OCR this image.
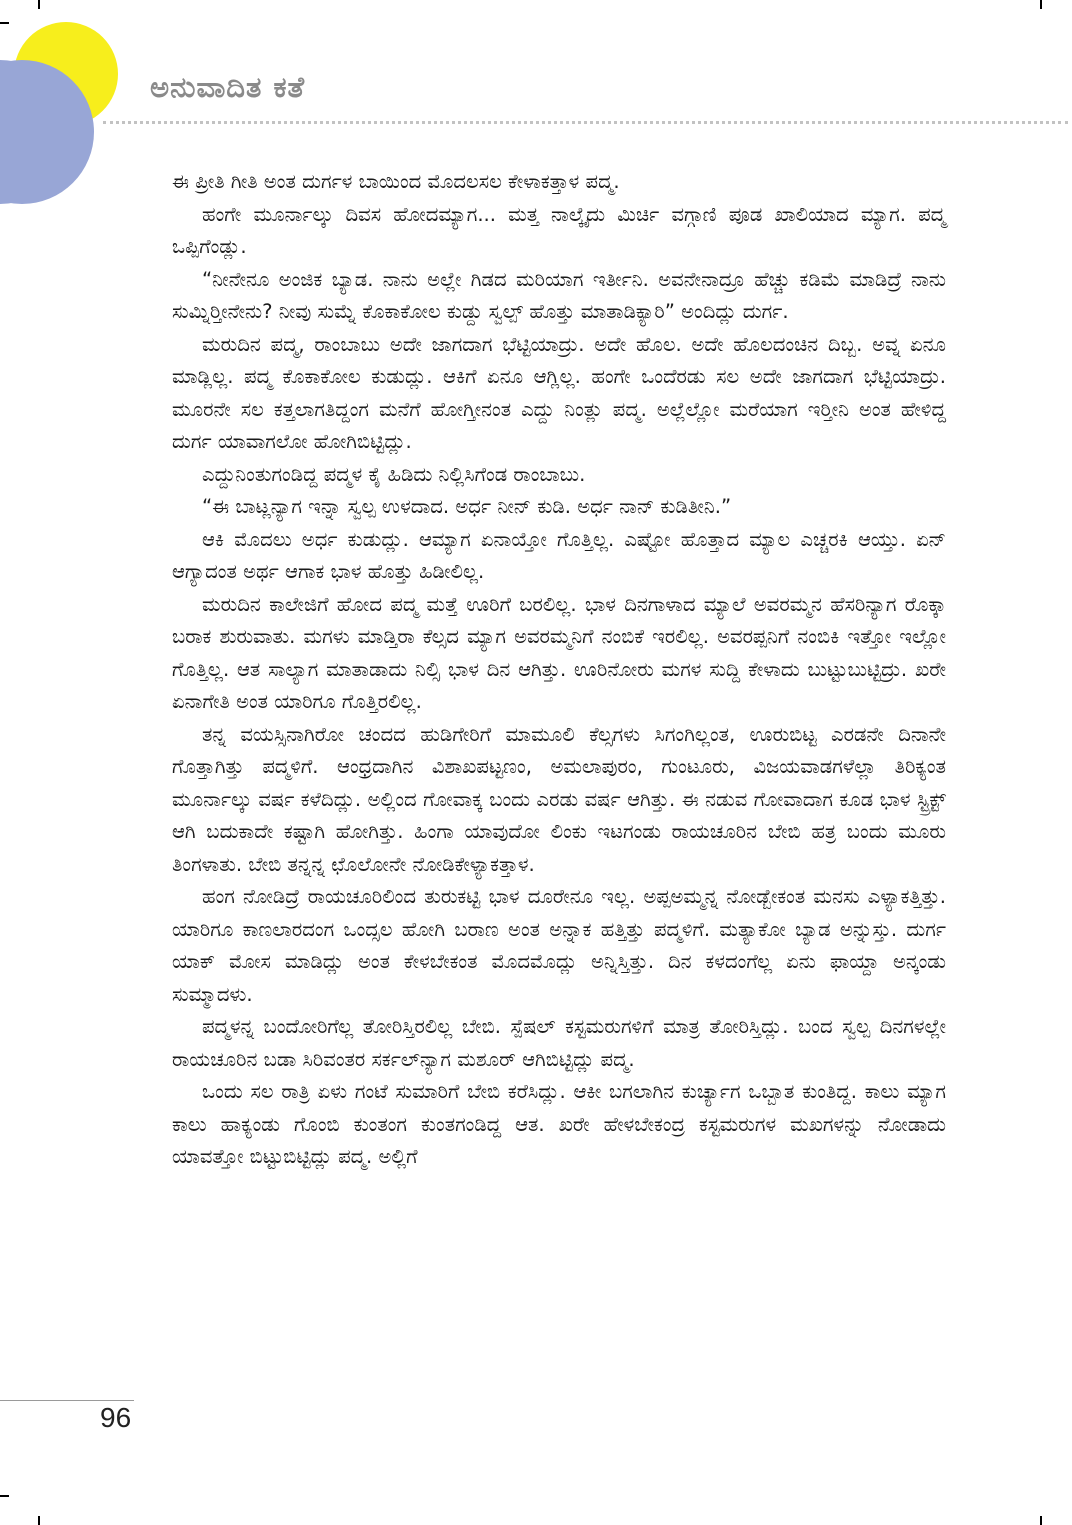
ಅನುವಾದಿತ ಕತೆ

ಈ ಪ್ರೀತಿ ಗೀತಿ ಅಂತ ದುರ್ಗಳ ಬಾಯಿಂದ ಮೊದಲಸಲ ಕೇಳಾಕತ್ತಾಳ ಪದ್ಮ.

ಹಂಗೇ ಮೂರ್ನಾಲ್ಕು ದಿವಸ ಹೋದಮ್ಯಾಗ... ಮತ್ತ ನಾಲ್ಕೈದು ಮಿರ್ಚಿ ವಗ್ಗಾಣಿ ಪೂಡ ಖಾಲಿಯಾದ ಮ್ಯಾಗ. ಪದ್ಮ ಒಪ್ಪಿಗೆಂಡ್ಲು.

“ನೀನೇನೂ ಅಂಜಿಕ ಬ್ಯಾಡ. ನಾನು ಅಲ್ಲೇ ಗಿಡದ ಮರಿಯಾಗ ಇರ್ತೀನಿ. ಅವನೇನಾದ್ರೂ ಹೆಚ್ಚು ಕಡಿಮೆ ಮಾಡಿದ್ರೆ ನಾನು ಸುಮ್ನಿರ್‍ತೀನೇನು? ನೀವು ಸುಮ್ನೆ ಕೊಕಾಕೋಲ ಕುಡ್ದು ಸ್ವಲ್ಪ್ ಹೊತ್ತು ಮಾತಾಡಿಕ್ಯಾರಿ” ಅಂದಿದ್ಲು ದುರ್ಗ.

ಮರುದಿನ ಪದ್ಮ, ರಾಂಬಾಬು ಅದೇ ಜಾಗದಾಗ ಭೆಟ್ಟಿಯಾದ್ರು. ಅದೇ ಹೊಲ. ಅದೇ ಹೊಲದಂಚಿನ ದಿಬ್ಬ. ಅವ್ನ ಏನೂ ಮಾಡ್ಲಿಲ್ಲ. ಪದ್ಮ ಕೊಕಾಕೋಲ ಕುಡುದ್ಲು. ಆಕಿಗೆ ಏನೂ ಆಗ್ಲಿಲ್ಲ. ಹಂಗೇ ಒಂದೆರಡು ಸಲ ಅದೇ ಜಾಗದಾಗ ಭೆಟ್ಟಿಯಾದ್ರು. ಮೂರನೇ ಸಲ ಕತ್ತಲಾಗತಿದ್ದಂಗ ಮನೆಗೆ ಹೋಗ್ತೀನಂತ ಎದ್ದು ನಿಂತ್ಲು ಪದ್ಮ. ಅಲ್ಲೆಲ್ಲೋ ಮರೆಯಾಗ ಇರ್‍ತೀನಿ ಅಂತ ಹೇಳಿದ್ದ ದುರ್ಗ ಯಾವಾಗಲೋ ಹೋಗಿಬಿಟ್ಟಿದ್ಲು.

ಎದ್ದುನಿಂತುಗಂಡಿದ್ದ ಪದ್ಮಳ ಕೈ ಹಿಡಿದು ನಿಲ್ಲಿಸಿಗೆಂಡ ರಾಂಬಾಬು.

“ಈ ಬಾಟ್ಲನ್ಯಾಗ ಇನ್ನಾ ಸ್ವಲ್ಪ ಉಳದಾದ. ಅರ್ಧ ನೀನ್ ಕುಡಿ. ಅರ್ಧ ನಾನ್ ಕುಡಿತೀನಿ.”

ಆಕಿ ಮೊದಲು ಅರ್ಧ ಕುಡುದ್ಲು. ಆಮ್ಯಾಗ ಏನಾಯ್ತೋ ಗೊತ್ತಿಲ್ಲ. ಎಷ್ಟೋ ಹೊತ್ತಾದ ಮ್ಯಾಲ ಎಚ್ಚರಕಿ ಆಯ್ತು. ಏನ್ ಆಗ್ಯಾದಂತ ಅರ್ಥ ಆಗಾಕ ಭಾಳ ಹೊತ್ತು ಹಿಡೀಲಿಲ್ಲ.

ಮರುದಿನ ಕಾಲೇಜಿಗೆ ಹೋದ ಪದ್ಮ ಮತ್ತೆ ಊರಿಗೆ ಬರಲಿಲ್ಲ. ಭಾಳ ದಿನಗಾಳಾದ ಮ್ಯಾಲೆ ಅವರಮ್ಮನ ಹೆಸರಿನ್ಯಾಗ ರೊಕ್ಕಾ ಬರಾಕ ಶುರುವಾತು. ಮಗಳು ಮಾಡ್ತಿರಾ ಕೆಲ್ಸದ ಮ್ಯಾಗ ಅವರಮ್ಮನಿಗೆ ನಂಬಿಕೆ ಇರಲಿಲ್ಲ. ಅವರಪ್ಪನಿಗೆ ನಂಬಿಕಿ ಇತ್ತೋ ಇಲ್ಲೋ ಗೊತ್ತಿಲ್ಲ. ಆತ ಸಾಲ್ಯಾಗ ಮಾತಾಡಾದು ನಿಲ್ಸಿ ಭಾಳ ದಿನ ಆಗಿತ್ತು. ಊರಿನೋರು ಮಗಳ ಸುದ್ದಿ ಕೇಳಾದು ಬುಟ್ಟುಬುಟ್ಟಿದ್ರು. ಖರೇ ಏನಾಗೇತಿ ಅಂತ ಯಾರಿಗೂ ಗೊತ್ತಿರಲಿಲ್ಲ.

ತನ್ನ ವಯಸ್ಸಿನಾಗಿರೋ ಚಂದದ ಹುಡಿಗೇರಿಗೆ ಮಾಮೂಲಿ ಕೆಲ್ಸಗಳು ಸಿಗಂಗಿಲ್ಲಂತ, ಊರುಬಿಟ್ಟ ಎರಡನೇ ದಿನಾನೇ ಗೊತ್ತಾಗಿತ್ತು ಪದ್ಮಳಿಗೆ. ಆಂಧ್ರದಾಗಿನ ವಿಶಾಖಪಟ್ಟಣಂ, ಅಮಲಾಪುರಂ, ಗುಂಟೂರು, ವಿಜಯವಾಡಗಳೆಲ್ಲಾ ತಿರಿಕ್ಯಂತ ಮೂರ್ನಾಲ್ಕು ವರ್ಷ ಕಳೆದಿದ್ಲು. ಅಲ್ಲಿಂದ ಗೋವಾಕ್ಕ ಬಂದು ಎರಡು ವರ್ಷ ಆಗಿತ್ತು. ಈ ನಡುವ ಗೋವಾದಾಗ ಕೂಡ ಭಾಳ ಸ್ಟ್ರಿಕ್ಟ್ ಆಗಿ ಬದುಕಾದೇ ಕಷ್ಟಾಗಿ ಹೋಗಿತ್ತು. ಹಿಂಗಾ ಯಾವುದೋ ಲಿಂಕು ಇಟಗಂಡು ರಾಯಚೂರಿನ ಬೇಬಿ ಹತ್ರ ಬಂದು ಮೂರು ತಿಂಗಳಾತು. ಬೇಬಿ ತನ್ನನ್ನ ಛೊಲೋನೇ ನೋಡಿಕೇಳ್ಯಾಕತ್ತಾಳ.

ಹಂಗ ನೋಡಿದ್ರೆ ರಾಯಚೂರಿಲಿಂದ ತುರುಕಟ್ಟಿ ಭಾಳ ದೂರೇನೂ ಇಲ್ಲ. ಅಪ್ಪಅಮ್ಮನ್ನ ನೋಡ್ಬೇಕಂತ ಮನಸು ಎಳ್ಯಾಕತ್ತಿತ್ತು. ಯಾರಿಗೂ ಕಾಣಲಾರದಂಗ ಒಂದ್ಸಲ ಹೋಗಿ ಬರಾಣ ಅಂತ ಅನ್ನಾಕ ಹತ್ತಿತ್ತು ಪದ್ಮಳಿಗೆ. ಮತ್ಯಾಕೋ ಬ್ಯಾಡ ಅನ್ನುಸ್ತು. ದುರ್ಗ ಯಾಕ್ ಮೋಸ ಮಾಡಿದ್ಲು ಅಂತ ಕೇಳಬೇಕಂತ ಮೊದಮೊದ್ಲು ಅನ್ನಿಸ್ತಿತ್ತು. ದಿನ ಕಳದಂಗೆಲ್ಲ ಏನು ಫಾಯ್ದಾ ಅನ್ಕಂಡು ಸುಮ್ಮಾದಳು.

ಪದ್ಮಳನ್ನ ಬಂದೋರಿಗೆಲ್ಲ ತೋರಿಸ್ತಿರಲಿಲ್ಲ ಬೇಬಿ. ಸ್ಪೆಷಲ್ ಕಸ್ಟಮರುಗಳಿಗೆ ಮಾತ್ರ ತೋರಿಸ್ತಿದ್ಲು. ಬಂದ ಸ್ವಲ್ಪ ದಿನಗಳಲ್ಲೇ ರಾಯಚೂರಿನ ಬಡಾ ಸಿರಿವಂತರ ಸರ್ಕಲ್‌ನ್ಯಾಗ ಮಶೂರ್ ಆಗಿಬಿಟ್ಟಿದ್ಲು ಪದ್ಮ.

ಒಂದು ಸಲ ರಾತ್ರಿ ಏಳು ಗಂಟೆ ಸುಮಾರಿಗೆ ಬೇಬಿ ಕರೆಸಿದ್ಲು. ಆಕೀ ಬಗಲಾಗಿನ ಕುರ್ಚ್ಯಾಗ ಒಬ್ಬಾತ ಕುಂತಿದ್ದ. ಕಾಲು ಮ್ಯಾಗ ಕಾಲು ಹಾಕ್ಯಂಡು ಗೊಂಬಿ ಕುಂತಂಗ ಕುಂತಗಂಡಿದ್ದ ಆತ. ಖರೇ ಹೇಳಬೇಕಂದ್ರ ಕಸ್ಟಮರುಗಳ ಮಖಗಳನ್ನು ನೋಡಾದು ಯಾವತ್ತೋ ಬಿಟ್ಟುಬಿಟ್ಟಿದ್ಲು ಪದ್ಮ. ಅಲ್ಲಿಗೆ

96
